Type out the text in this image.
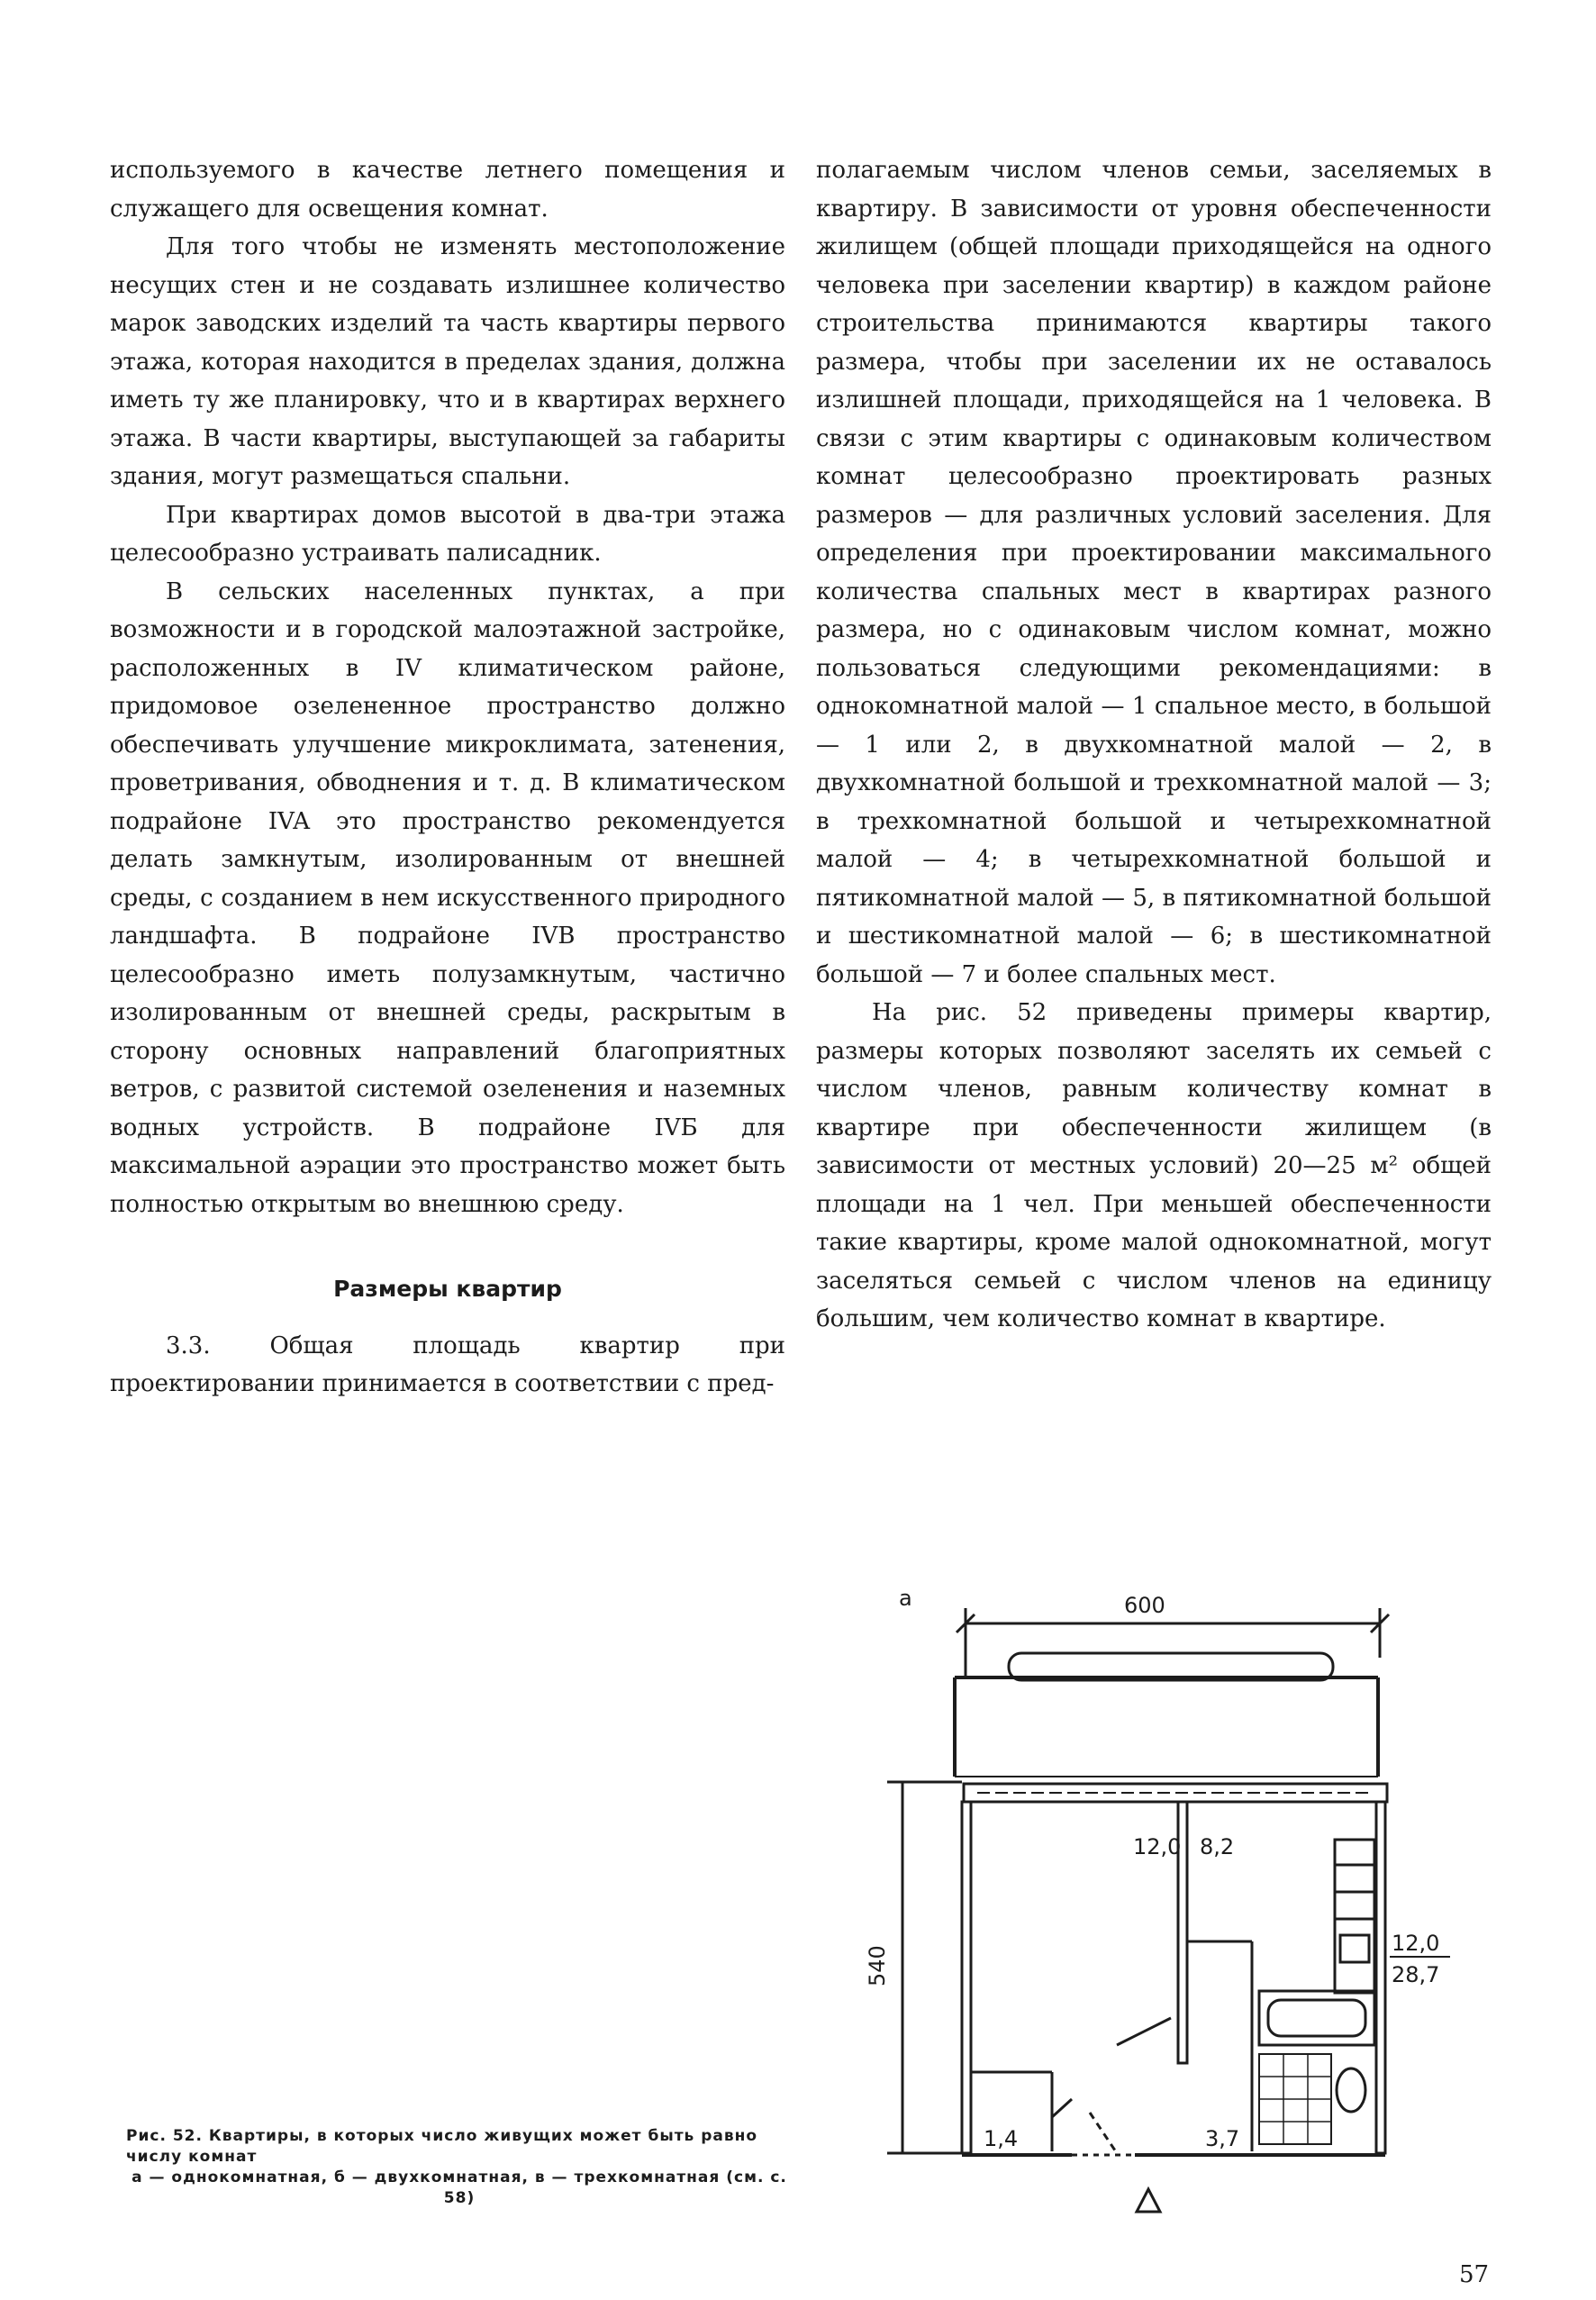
используемого в качестве летнего помещения и служащего для освещения комнат.

Для того чтобы не изменять местоположение несущих стен и не создавать излишнее количество марок заводских изделий та часть квартиры первого этажа, которая находится в пределах здания, должна иметь ту же планировку, что и в квартирах верхнего этажа. В части квартиры, выступающей за габариты здания, могут размещаться спальни.

При квартирах домов высотой в два-три этажа целесообразно устраивать палисадник.

В сельских населенных пунктах, а при возможности и в городской малоэтажной застройке, расположенных в IV климатическом районе, придомовое озелененное пространство должно обеспечивать улучшение микроклимата, затенения, проветривания, обводнения и т. д. В климатическом подрайоне IVA это пространство рекомендуется делать замкнутым, изолированным от внешней среды, с созданием в нем искусственного природного ландшафта. В подрайоне IVB пространство целесообразно иметь полузамкнутым, частично изолированным от внешней среды, раскрытым в сторону основных направлений благоприятных ветров, с развитой системой озеленения и наземных водных устройств. В подрайоне IVБ для максимальной аэрации это пространство может быть полностью открытым во внешнюю среду.

Размеры квартир

3.3. Общая площадь квартир при проектировании принимается в соответствии с пред-

полагаемым числом членов семьи, заселяемых в квартиру. В зависимости от уровня обеспеченности жилищем (общей площади приходящейся на одного человека при заселении квартир) в каждом районе строительства принимаются квартиры такого размера, чтобы при заселении их не оставалось излишней площади, приходящейся на 1 человека. В связи с этим квартиры с одинаковым количеством комнат целесообразно проектировать разных размеров — для различных условий заселения. Для определения при проектировании максимального количества спальных мест в квартирах разного размера, но с одинаковым числом комнат, можно пользоваться следующими рекомендациями: в однокомнатной малой — 1 спальное место, в большой — 1 или 2, в двухкомнатной малой — 2, в двухкомнатной большой и трехкомнатной малой — 3; в трехкомнатной большой и четырехкомнатной малой — 4; в четырехкомнатной большой и пятикомнатной малой — 5, в пятикомнатной большой и шестикомнатной малой — 6; в шестикомнатной большой — 7 и более спальных мест.

На рис. 52 приведены примеры квартир, размеры которых позволяют заселять их семьей с числом членов, равным количеству комнат в квартире при обеспеченности жилищем (в зависимости от местных условий) 20—25 м² общей площади на 1 чел. При меньшей обеспеченности такие квартиры, кроме малой однокомнатной, могут заселяться семьей с числом членов на единицу большим, чем количество комнат в квартире.

а	600
540
12,0 8,2
12,0
28,7
1,4	3,7
Рис. 52. Квартиры, в которых число живущих может быть равно числу комнат
а — однокомнатная, б — двухкомнатная, в — трехкомнатная (см. с. 58)
57
